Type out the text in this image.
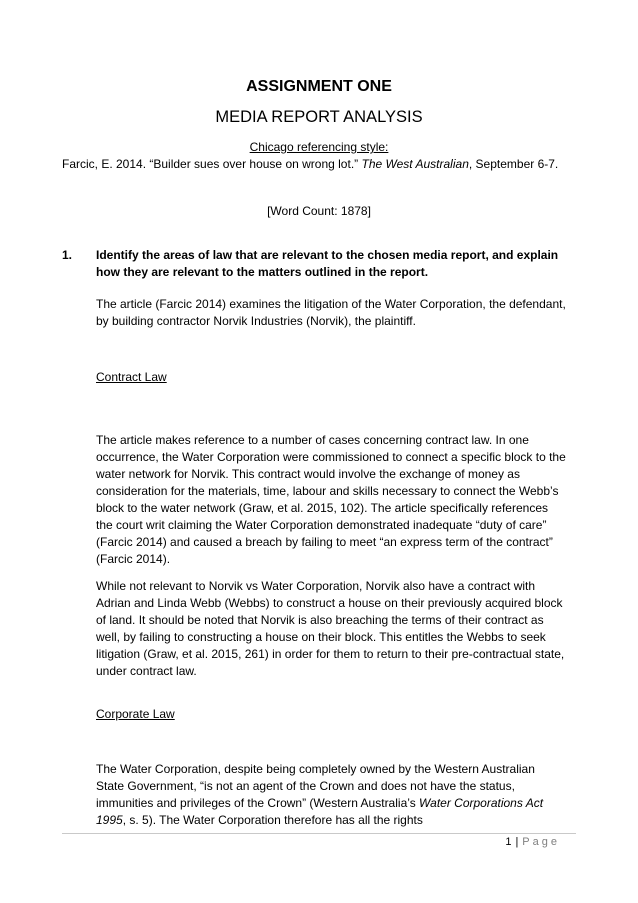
ASSIGNMENT ONE
MEDIA REPORT ANALYSIS
Chicago referencing style:
Farcic, E. 2014. “Builder sues over house on wrong lot.” The West Australian, September 6-7.
[Word Count: 1878]
1. Identify the areas of law that are relevant to the chosen media report, and explain how they are relevant to the matters outlined in the report.
The article (Farcic 2014) examines the litigation of the Water Corporation, the defendant, by building contractor Norvik Industries (Norvik), the plaintiff.
Contract Law
The article makes reference to a number of cases concerning contract law. In one occurrence, the Water Corporation were commissioned to connect a specific block to the water network for Norvik. This contract would involve the exchange of money as consideration for the materials, time, labour and skills necessary to connect the Webb’s block to the water network (Graw, et al. 2015, 102). The article specifically references the court writ claiming the Water Corporation demonstrated inadequate “duty of care” (Farcic 2014) and caused a breach by failing to meet “an express term of the contract” (Farcic 2014).
While not relevant to Norvik vs Water Corporation, Norvik also have a contract with Adrian and Linda Webb (Webbs) to construct a house on their previously acquired block of land. It should be noted that Norvik is also breaching the terms of their contract as well, by failing to constructing a house on their block. This entitles the Webbs to seek litigation (Graw, et al. 2015, 261) in order for them to return to their pre-contractual state, under contract law.
Corporate Law
The Water Corporation, despite being completely owned by the Western Australian State Government, “is not an agent of the Crown and does not have the status, immunities and privileges of the Crown” (Western Australia’s Water Corporations Act 1995, s. 5). The Water Corporation therefore has all the rights
1 | Page
